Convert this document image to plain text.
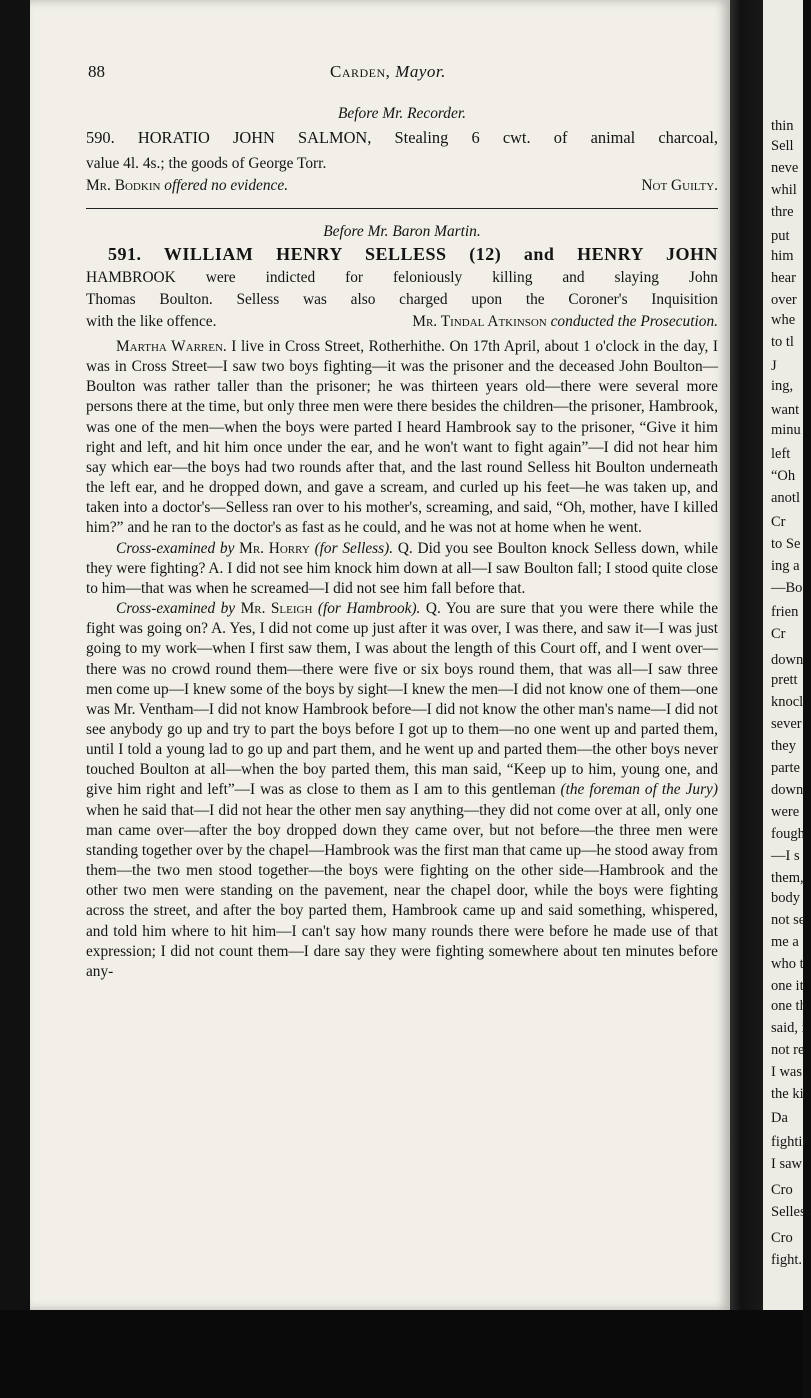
thin
Sell
neve
whil
thre
put
him
hear
over
whe
to tl
J
ing,
want
minu
left
“Oh
anotl
Cr
to Se
ing a
—Bo
frien
Cr
down
prett
knocl
sever
they
parte
down
were
fough
—I s
them,
body
not se
me a
who t
one it
one th
said, i
not re
I was
the ki
Da
fightir
I saw
Cro
Selless
Cro
fight.
88	Carden, Mayor.
Before Mr. Recorder.
590. HORATIO JOHN SALMON, Stealing 6 cwt. of animal charcoal,
value 4l. 4s.; the goods of George Torr.
Mr. Bodkin offered no evidence.	Not Guilty.
Before Mr. Baron Martin.
591. WILLIAM HENRY SELLESS (12) and HENRY JOHN
HAMBROOK were indicted for feloniously killing and slaying John
Thomas Boulton. Selless was also charged upon the Coroner's Inquisition
with the like offence.	Mr. Tindal Atkinson conducted the Prosecution.

Martha Warren. I live in Cross Street, Rotherhithe. On 17th April, about 1 o'clock in the day, I was in Cross Street—I saw two boys fighting—it was the prisoner and the deceased John Boulton—Boulton was rather taller than the prisoner; he was thirteen years old—there were several more persons there at the time, but only three men were there besides the children—the prisoner, Hambrook, was one of the men—when the boys were parted I heard Hambrook say to the prisoner, “Give it him right and left, and hit him once under the ear, and he won't want to fight again”—I did not hear him say which ear—the boys had two rounds after that, and the last round Selless hit Boulton underneath the left ear, and he dropped down, and gave a scream, and curled up his feet—he was taken up, and taken into a doctor's—Selless ran over to his mother's, screaming, and said, “Oh, mother, have I killed him?” and he ran to the doctor's as fast as he could, and he was not at home when he went.

Cross-examined by Mr. Horry (for Selless). Q. Did you see Boulton knock Selless down, while they were fighting? A. I did not see him knock him down at all—I saw Boulton fall; I stood quite close to him—that was when he screamed—I did not see him fall before that.

Cross-examined by Mr. Sleigh (for Hambrook). Q. You are sure that you were there while the fight was going on? A. Yes, I did not come up just after it was over, I was there, and saw it—I was just going to my work—when I first saw them, I was about the length of this Court off, and I went over—there was no crowd round them—there were five or six boys round them, that was all—I saw three men come up—I knew some of the boys by sight—I knew the men—I did not know one of them—one was Mr. Ventham—I did not know Hambrook before—I did not know the other man's name—I did not see anybody go up and try to part the boys before I got up to them—no one went up and parted them, until I told a young lad to go up and part them, and he went up and parted them—the other boys never touched Boulton at all—when the boy parted them, this man said, “Keep up to him, young one, and give him right and left”—I was as close to them as I am to this gentleman (the foreman of the Jury) when he said that—I did not hear the other men say anything—they did not come over at all, only one man came over—after the boy dropped down they came over, but not before—the three men were standing together over by the chapel—Hambrook was the first man that came up—he stood away from them—the two men stood together—the boys were fighting on the other side—Hambrook and the other two men were standing on the pavement, near the chapel door, while the boys were fighting across the street, and after the boy parted them, Hambrook came up and said something, whispered, and told him where to hit him—I can't say how many rounds there were before he made use of that expression; I did not count them—I dare say they were fighting somewhere about ten minutes before any-
